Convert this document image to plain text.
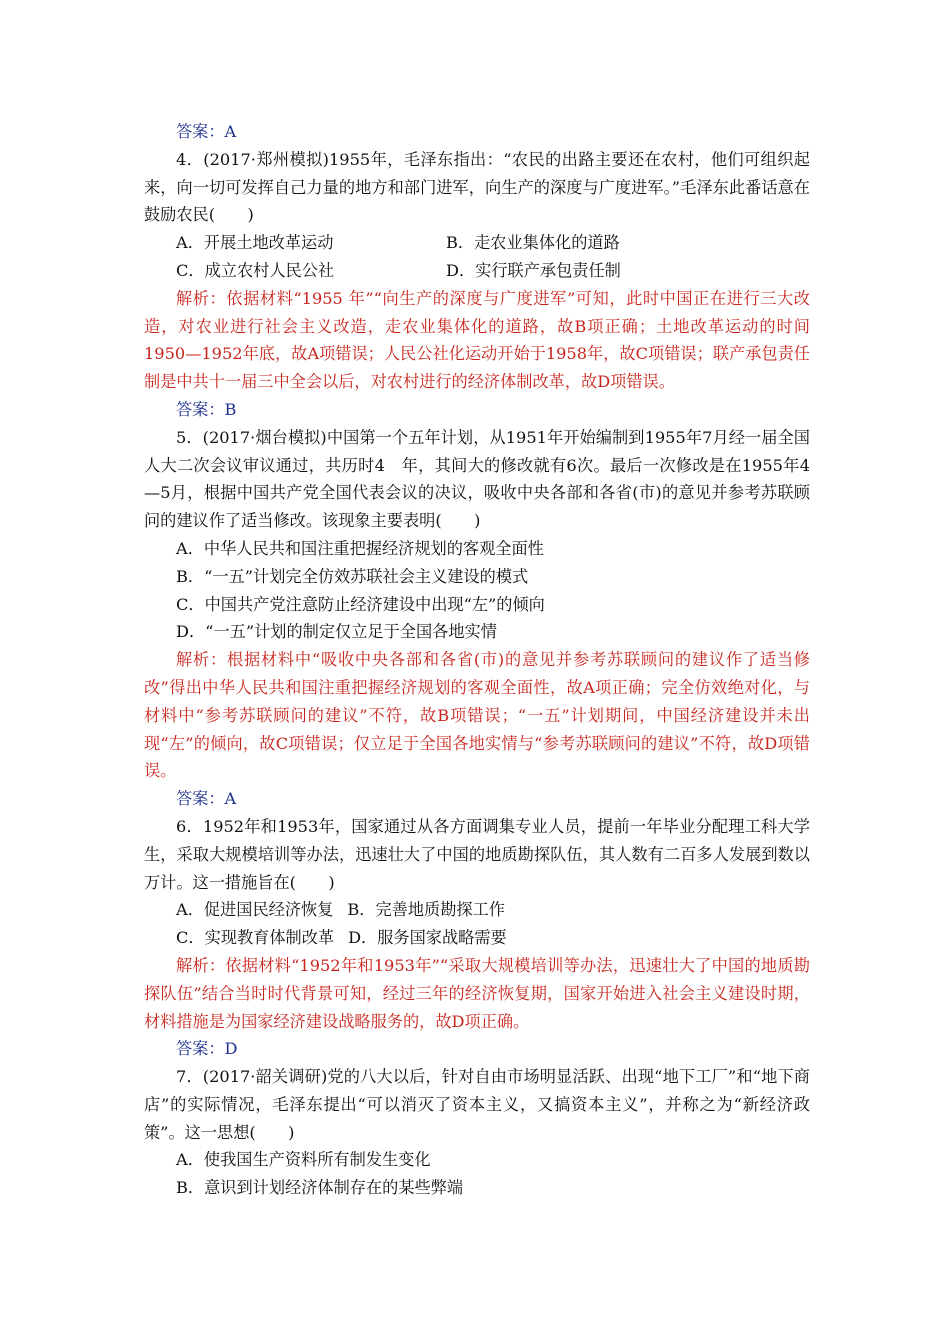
答案：A

4．(2017·郑州模拟)1955年，毛泽东指出：“农民的出路主要还在农村，他们可组织起来，向一切可发挥自己力量的地方和部门进军，向生产的深度与广度进军。”毛泽东此番话意在鼓励农民(　　)

A．开展土地改革运动	B．走农业集体化的道路
C．成立农村人民公社	D．实行联产承包责任制

解析：依据材料“1955 年”“向生产的深度与广度进军”可知，此时中国正在进行三大改造，对农业进行社会主义改造，走农业集体化的道路，故B项正确；土地改革运动的时间1950—1952年底，故A项错误；人民公社化运动开始于1958年，故C项错误；联产承包责任制是中共十一届三中全会以后，对农村进行的经济体制改革，故D项错误。

答案：B

5．(2017·烟台模拟)中国第一个五年计划，从1951年开始编制到1955年7月经一届全国人大二次会议审议通过，共历时4　年，其间大的修改就有6次。最后一次修改是在1955年4—5月，根据中国共产党全国代表会议的决议，吸收中央各部和各省(市)的意见并参考苏联顾问的建议作了适当修改。该现象主要表明(　　)

A．中华人民共和国注重把握经济规划的客观全面性

B．“一五”计划完全仿效苏联社会主义建设的模式

C．中国共产党注意防止经济建设中出现“左”的倾向

D．“一五”计划的制定仅立足于全国各地实情

解析：根据材料中“吸收中央各部和各省(市)的意见并参考苏联顾问的建议作了适当修改”得出中华人民共和国注重把握经济规划的客观全面性，故A项正确；完全仿效绝对化，与材料中“参考苏联顾问的建议”不符，故B项错误；“一五”计划期间，中国经济建设并未出现“左”的倾向，故C项错误；仅立足于全国各地实情与“参考苏联顾问的建议”不符，故D项错误。

答案：A

6．1952年和1953年，国家通过从各方面调集专业人员，提前一年毕业分配理工科大学生，采取大规模培训等办法，迅速壮大了中国的地质勘探队伍，其人数有二百多人发展到数以万计。这一措施旨在(　　)

A．促进国民经济恢复 B．完善地质勘探工作

C．实现教育体制改革 D．服务国家战略需要

解析：依据材料“1952年和1953年”“采取大规模培训等办法，迅速壮大了中国的地质勘探队伍”结合当时时代背景可知，经过三年的经济恢复期，国家开始进入社会主义建设时期，材料措施是为国家经济建设战略服务的，故D项正确。

答案：D

7．(2017·韶关调研)党的八大以后，针对自由市场明显活跃、出现“地下工厂”和“地下商店”的实际情况，毛泽东提出“可以消灭了资本主义，又搞资本主义”，并称之为“新经济政策”。这一思想(　　)

A．使我国生产资料所有制发生变化

B．意识到计划经济体制存在的某些弊端
